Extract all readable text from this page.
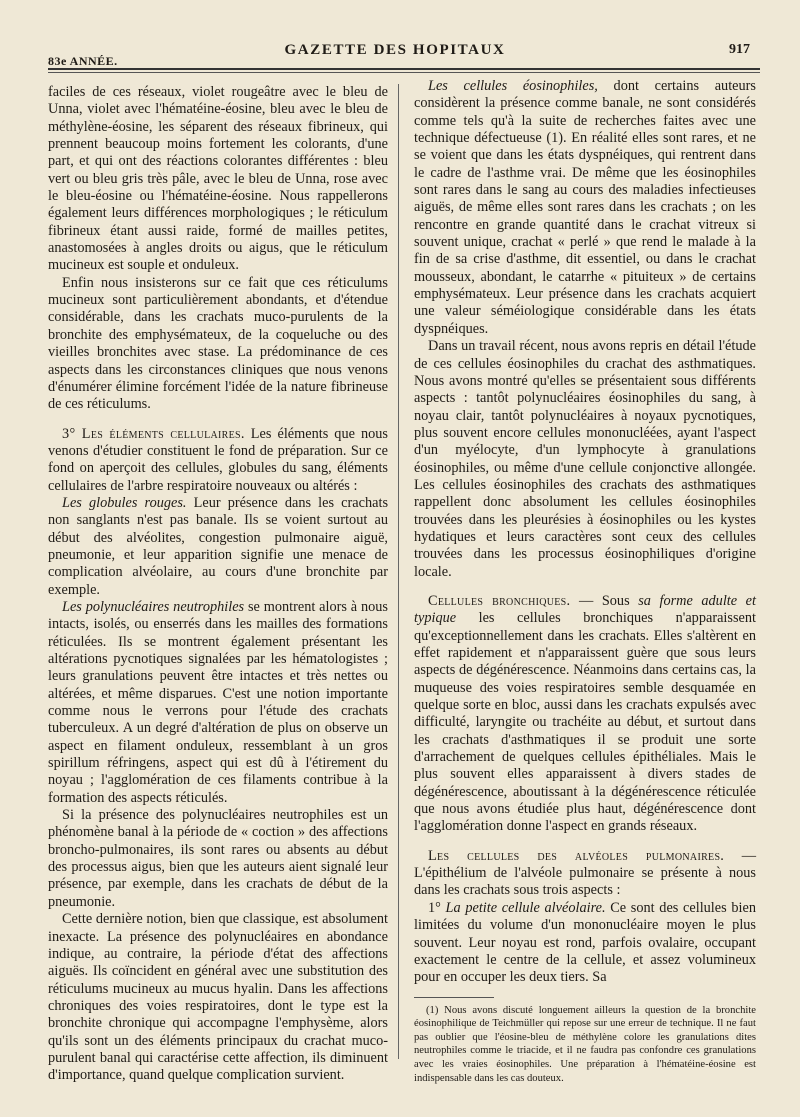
83e ANNÉE.
GAZETTE DES HOPITAUX	917

faciles de ces réseaux, violet rougeâtre avec le bleu de Unna, violet avec l'hématéine-éosine, bleu avec le bleu de méthylène-éosine, les séparent des réseaux fibrineux, qui prennent beaucoup moins fortement les colorants, d'une part, et qui ont des réactions colorantes différentes : bleu vert ou bleu gris très pâle, avec le bleu de Unna, rose avec le bleu-éosine ou l'hématéine-éosine. Nous rappellerons également leurs différences morphologiques ; le réticulum fibrineux étant aussi raide, formé de mailles petites, anastomosées à angles droits ou aigus, que le réticulum mucineux est souple et onduleux.

Enfin nous insisterons sur ce fait que ces réticulums mucineux sont particulièrement abondants, et d'étendue considérable, dans les crachats muco-purulents de la bronchite des emphysémateux, de la coqueluche ou des vieilles bronchites avec stase. La prédominance de ces aspects dans les circonstances cliniques que nous venons d'énumérer élimine forcément l'idée de la nature fibrineuse de ces réticulums.

3° Les éléments cellulaires. Les éléments que nous venons d'étudier constituent le fond de préparation. Sur ce fond on aperçoit des cellules, globules du sang, éléments cellulaires de l'arbre respiratoire nouveaux ou altérés :

Les globules rouges. Leur présence dans les crachats non sanglants n'est pas banale. Ils se voient surtout au début des alvéolites, congestion pulmonaire aiguë, pneumonie, et leur apparition signifie une menace de complication alvéolaire, au cours d'une bronchite par exemple.

Les polynucléaires neutrophiles se montrent alors à nous intacts, isolés, ou enserrés dans les mailles des formations réticulées. Ils se montrent également présentant les altérations pycnotiques signalées par les hématologistes ; leurs granulations peuvent être intactes et très nettes ou altérées, et même disparues. C'est une notion importante comme nous le verrons pour l'étude des crachats tuberculeux. A un degré d'altération de plus on observe un aspect en filament onduleux, ressemblant à un gros spirillum réfringens, aspect qui est dû à l'étirement du noyau ; l'agglomération de ces filaments contribue à la formation des aspects réticulés.

Si la présence des polynucléaires neutrophiles est un phénomène banal à la période de « coction » des affections broncho-pulmonaires, ils sont rares ou absents au début des processus aigus, bien que les auteurs aient signalé leur présence, par exemple, dans les crachats de début de la pneumonie.

Cette dernière notion, bien que classique, est absolument inexacte. La présence des polynucléaires en abondance indique, au contraire, la période d'état des affections aiguës. Ils coïncident en général avec une substitution des réticulums mucineux au mucus hyalin. Dans les affections chroniques des voies respiratoires, dont le type est la bronchite chronique qui accompagne l'emphysème, alors qu'ils sont un des éléments principaux du crachat muco-purulent banal qui caractérise cette affection, ils diminuent d'importance, quand quelque complication survient.

Les cellules éosinophiles, dont certains auteurs considèrent la présence comme banale, ne sont considérés comme tels qu'à la suite de recherches faites avec une technique défectueuse (1). En réalité elles sont rares, et ne se voient que dans les états dyspnéiques, qui rentrent dans le cadre de l'asthme vrai. De même que les éosinophiles sont rares dans le sang au cours des maladies infectieuses aiguës, de même elles sont rares dans les crachats ; on les rencontre en grande quantité dans le crachat vitreux si souvent unique, crachat « perlé » que rend le malade à la fin de sa crise d'asthme, dit essentiel, ou dans le crachat mousseux, abondant, le catarrhe « pituiteux » de certains emphysémateux. Leur présence dans les crachats acquiert une valeur séméiologique considérable dans les états dyspnéiques.

Dans un travail récent, nous avons repris en détail l'étude de ces cellules éosinophiles du crachat des asthmatiques. Nous avons montré qu'elles se présentaient sous différents aspects : tantôt polynucléaires éosinophiles du sang, à noyau clair, tantôt polynucléaires à noyaux pycnotiques, plus souvent encore cellules mononucléées, ayant l'aspect d'un myélocyte, d'un lymphocyte à granulations éosinophiles, ou même d'une cellule conjonctive allongée. Les cellules éosinophiles des crachats des asthmatiques rappellent donc absolument les cellules éosinophiles trouvées dans les pleurésies à éosinophiles ou les kystes hydatiques et leurs caractères sont ceux des cellules trouvées dans les processus éosinophiliques d'origine locale.

Cellules bronchiques. — Sous sa forme adulte et typique les cellules bronchiques n'apparaissent qu'exceptionnellement dans les crachats. Elles s'altèrent en effet rapidement et n'apparaissent guère que sous leurs aspects de dégénérescence. Néanmoins dans certains cas, la muqueuse des voies respiratoires semble desquamée en quelque sorte en bloc, aussi dans les crachats expulsés avec difficulté, laryngite ou trachéite au début, et surtout dans les crachats d'asthmatiques il se produit une sorte d'arrachement de quelques cellules épithéliales. Mais le plus souvent elles apparaissent à divers stades de dégénérescence, aboutissant à la dégénérescence réticulée que nous avons étudiée plus haut, dégénérescence dont l'agglomération donne l'aspect en grands réseaux.

Les cellules des alvéoles pulmonaires. — L'épithélium de l'alvéole pulmonaire se présente à nous dans les crachats sous trois aspects :

1° La petite cellule alvéolaire. Ce sont des cellules bien limitées du volume d'un mononucléaire moyen le plus souvent. Leur noyau est rond, parfois ovalaire, occupant exactement le centre de la cellule, et assez volumineux pour en occuper les deux tiers. Sa

(1) Nous avons discuté longuement ailleurs la question de la bronchite éosinophilique de Teichmüller qui repose sur une erreur de technique. Il ne faut pas oublier que l'éosine-bleu de méthylène colore les granulations dites neutrophiles comme le triacide, et il ne faudra pas confondre ces granulations avec les vraies éosinophiles. Une préparation à l'hématéine-éosine est indispensable dans les cas douteux.
